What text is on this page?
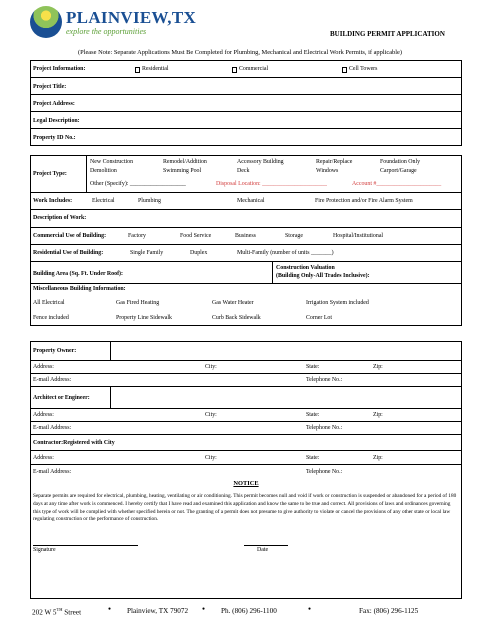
PLAINVIEW,TX
explore the opportunities	BUILDING PERMIT APPLICATION
(Please Note: Separate Applications Must Be Completed for Plumbing, Mechanical and Electrical Work Permits, if applicable)
Project Information:	Residential	Commercial	Cell Towers
Project Title:
Project Address:
Legal Description:
Property ID No.:
Project Type:
New Construction	Remodel/Addition	Accessory Building	Repair/Replace	Foundation Only
Demolition	Swimming Pool	Deck	Windows	Carport/Garage
Other (Specify): ___________________	Disposal Location: ______________________	Account #______________________
Work Includes:	Electrical	Plumbing	Mechanical	Fire Protection and/or Fire Alarm System
Description of Work:
Commercial Use of Building:	Factory	Food Service	Business	Storage	Hospital/Institutional
Residential Use of Building:	Single Family	Duplex	Multi-Family (number of units _______)
Building Area (Sq. Ft. Under Roof):
Construction Valuation
(Building Only-All Trades Inclusive):
Miscellaneous Building Information:
All Electrical	Gas Fired Heating	Gas Water Heater	Irrigation System included
Fence included	Property Line Sidewalk	Curb Back Sidewalk	Corner Lot
Property Owner:
Address:	City:	State:	Zip:
E-mail Address:	Telephone No.:
Architect or Engineer:
Address:	City:	State:	Zip:
E-mail Address:	Telephone No.:
Contractor:Registered with City
Address:	City:	State:	Zip:
E-mail Address:	Telephone No.:
NOTICE
Separate permits are required for electrical, plumbing, heating, ventilating or air conditioning. This permit becomes null and void if work or construction is suspended or abandoned for a period of 180 days at any time after work is commenced. I hereby certify that I have read and examined this application and know the same to be true and correct. All provisions of laws and ordinances governing this type of work will be complied with whether specified herein or not. The granting of a permit does not presume to give authority to violate or cancel the provisions of any other state or local law regulating construction or the performance of construction.
Signature	Date
202 W 5TH Street	● Plainview, TX 79072	● Ph. (806) 296-1100	●	Fax: (806) 296-1125
